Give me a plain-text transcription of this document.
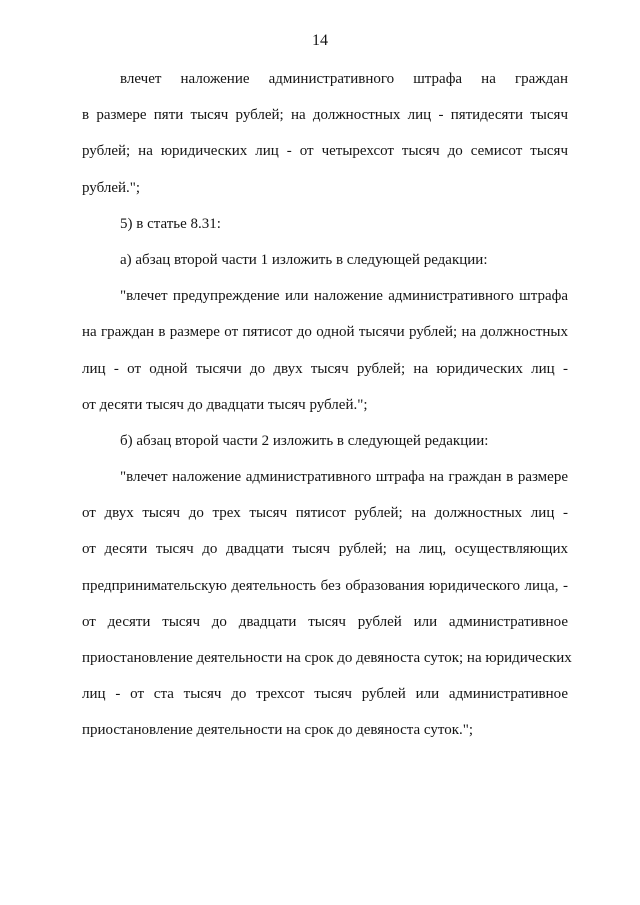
14

влечет наложение административного штрафа на граждан
в размере пяти тысяч рублей; на должностных лиц - пятидесяти тысяч
рублей; на юридических лиц - от четырехсот тысяч до семисот тысяч
рублей.";

5) в статье 8.31:

а) абзац второй части 1 изложить в следующей редакции:

"влечет предупреждение или наложение административного штрафа
на граждан в размере от пятисот до одной тысячи рублей; на должностных
лиц - от одной тысячи до двух тысяч рублей; на юридических лиц -
от десяти тысяч до двадцати тысяч рублей.";

б) абзац второй части 2 изложить в следующей редакции:

"влечет наложение административного штрафа на граждан в размере
от двух тысяч до трех тысяч пятисот рублей; на должностных лиц -
от десяти тысяч до двадцати тысяч рублей; на лиц, осуществляющих
предпринимательскую деятельность без образования юридического лица, -
от десяти тысяч до двадцати тысяч рублей или административное
приостановление деятельности на срок до девяноста суток; на юридических
лиц - от ста тысяч до трехсот тысяч рублей или административное
приостановление деятельности на срок до девяноста суток.";
